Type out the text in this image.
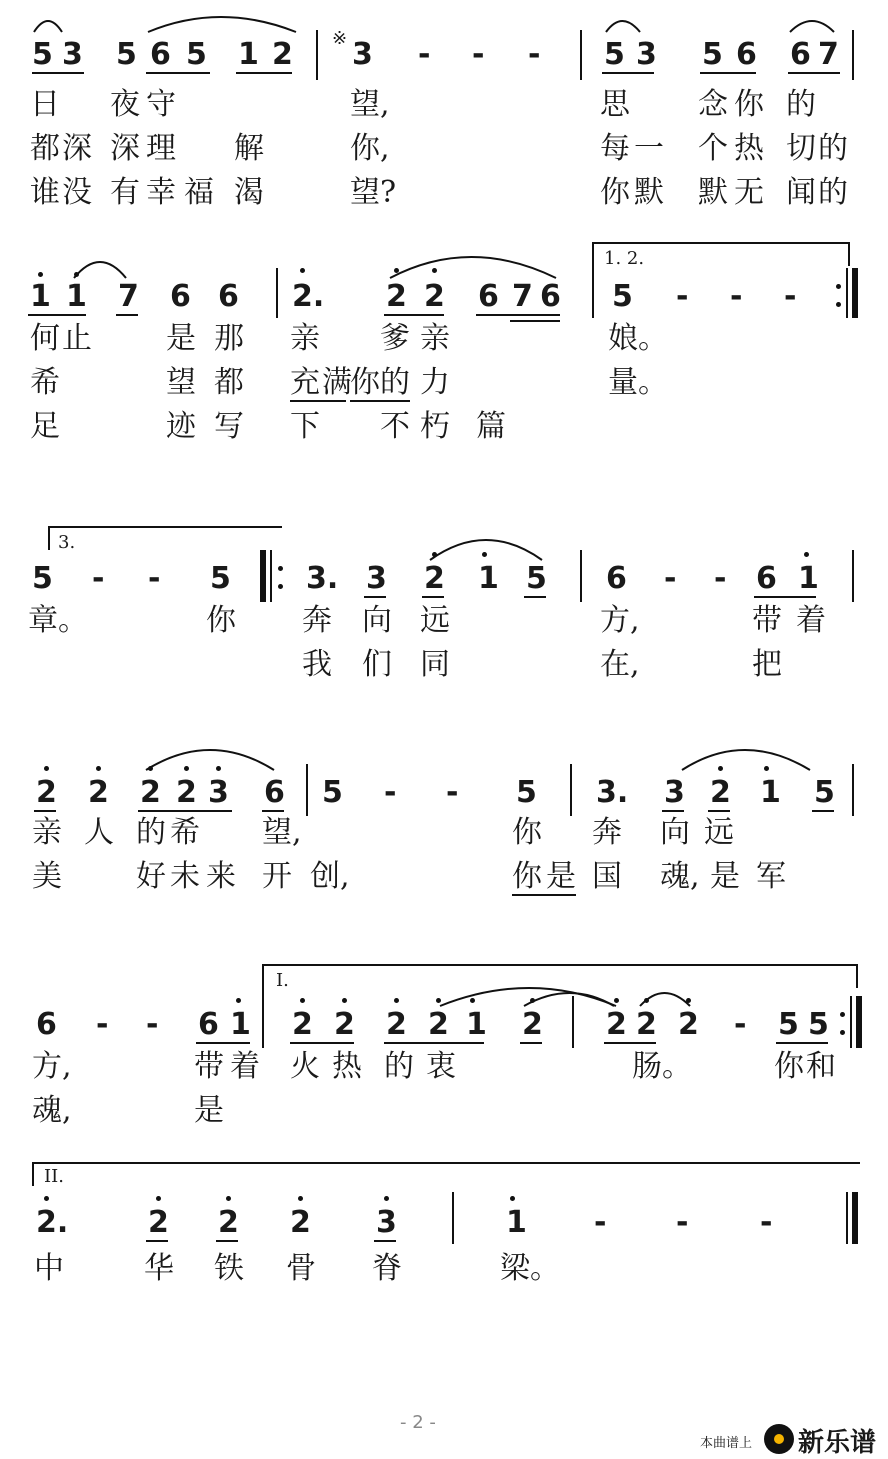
5 3 5 6 5 1 2 ※ 3 - - - 5 3 5 6 6 7
日 夜 守	望,	思 念 你 的
都 深 深 理 解	你,	每 一 个 热 切 的
谁 没 有 幸 福 渴	望?	你 默 默 无 闻 的
1 1 7 6 6 2. 2 2 6 7 6
1. 2.
5 - - -
何 止 是 那 亲 爹 亲	娘。
希	望 都 充 满
你 的 力	量。
足	迹 写 下 不 朽 篇
3.
5 - - 5	3. 3 2 1 5 6 - - 6 1
章。	你 奔 向 远	方,	带 着
我 们 同	在,	把
2 2 2 2 3 6 5 - - 5 3. 3 2 1 5
亲 人 的 希 望,	你 奔 向 远
美 好 未 来 开 创,	你 是 国 魂, 是 军
6 - - 6 1
I.
2 2 2 2 1 2 2 2 2 - 5 5
方,	带 着 火 热 的 衷	肠。	你 和
魂,	是
II.
2.	2 2 2 3	1 - - -
中	华 铁 骨 脊	梁。
- 2 -
本曲谱上 新乐谱
